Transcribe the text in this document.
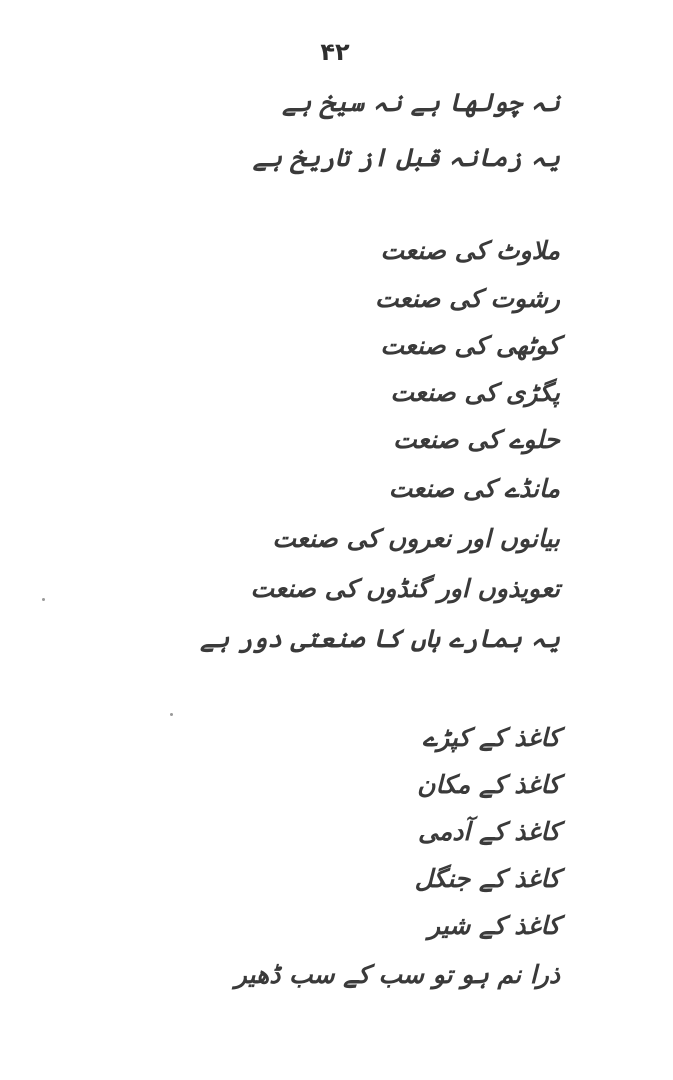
۴۲
نہ چولھا ہے نہ سیخ ہے
یہ زمانہ قبل از تاریخ ہے
ملاوٹ کی صنعت
رشوت کی صنعت
کوٹھی کی صنعت
پگڑی کی صنعت
حلوے کی صنعت
مانڈے کی صنعت
بیانوں اور نعروں کی صنعت
تعویذوں اور گنڈوں کی صنعت
یہ ہمارے ہاں کا صنعتی دور ہے
کاغذ کے کپڑے
کاغذ کے مکان
کاغذ کے آدمی
کاغذ کے جنگل
کاغذ کے شیر
ذرا نم ہو تو سب کے سب ڈھیر
